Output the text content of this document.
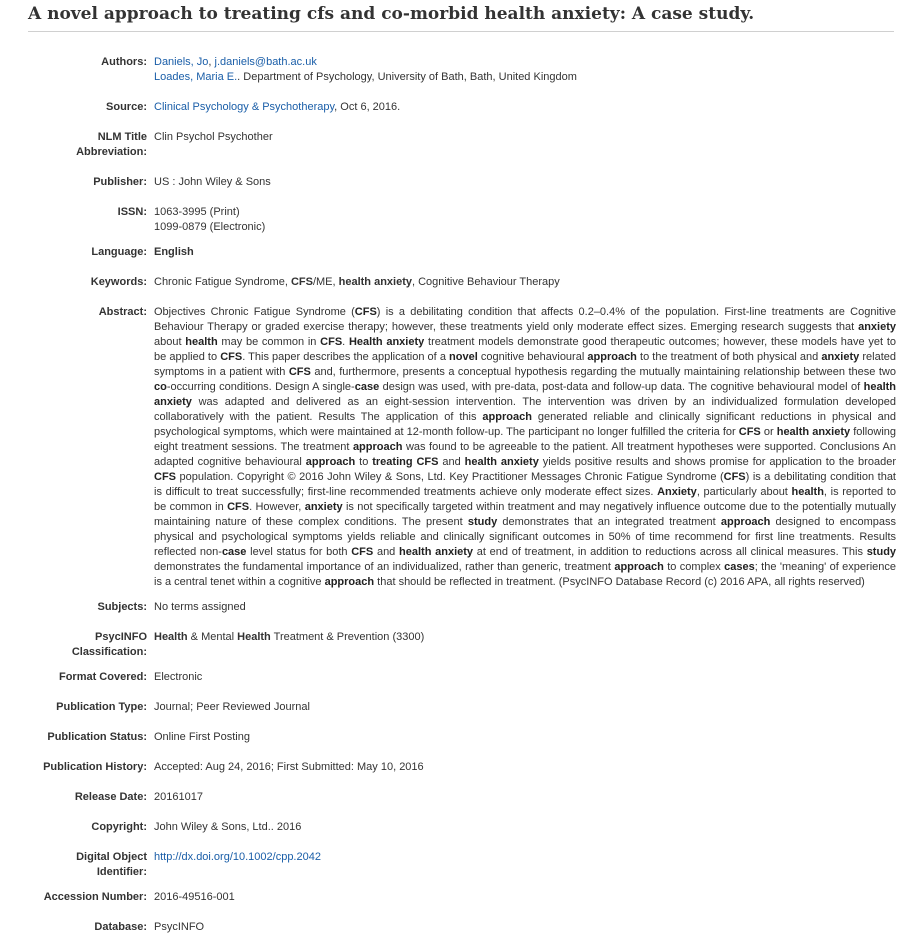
A novel approach to treating cfs and co-morbid health anxiety: A case study.
Authors:	Daniels, Jo, j.daniels@bath.ac.uk
Loades, Maria E.. Department of Psychology, University of Bath, Bath, United Kingdom
Source:	Clinical Psychology & Psychotherapy, Oct 6, 2016.
NLM Title Abbreviation:	Clin Psychol Psychother
Publisher:	US : John Wiley & Sons
ISSN:	1063-3995 (Print)
1099-0879 (Electronic)
Language:	English
Keywords:	Chronic Fatigue Syndrome, CFS/ME, health anxiety, Cognitive Behaviour Therapy
Abstract:	Objectives Chronic Fatigue Syndrome (CFS) is a debilitating condition that affects 0.2–0.4% of the population. First-line treatments are Cognitive Behaviour Therapy or graded exercise therapy; however, these treatments yield only moderate effect sizes. Emerging research suggests that anxiety about health may be common in CFS. Health anxiety treatment models demonstrate good therapeutic outcomes; however, these models have yet to be applied to CFS. This paper describes the application of a novel cognitive behavioural approach to the treatment of both physical and anxiety related symptoms in a patient with CFS and, furthermore, presents a conceptual hypothesis regarding the mutually maintaining relationship between these two co-occurring conditions. Design A single-case design was used, with pre-data, post-data and follow-up data. The cognitive behavioural model of health anxiety was adapted and delivered as an eight-session intervention. The intervention was driven by an individualized formulation developed collaboratively with the patient. Results The application of this approach generated reliable and clinically significant reductions in physical and psychological symptoms, which were maintained at 12-month follow-up. The participant no longer fulfilled the criteria for CFS or health anxiety following eight treatment sessions. The treatment approach was found to be agreeable to the patient. All treatment hypotheses were supported. Conclusions An adapted cognitive behavioural approach to treating CFS and health anxiety yields positive results and shows promise for application to the broader CFS population. Copyright © 2016 John Wiley & Sons, Ltd. Key Practitioner Messages Chronic Fatigue Syndrome (CFS) is a debilitating condition that is difficult to treat successfully; first-line recommended treatments achieve only moderate effect sizes. Anxiety, particularly about health, is reported to be common in CFS. However, anxiety is not specifically targeted within treatment and may negatively influence outcome due to the potentially mutually maintaining nature of these complex conditions. The present study demonstrates that an integrated treatment approach designed to encompass physical and psychological symptoms yields reliable and clinically significant outcomes in 50% of time recommend for first line treatments. Results reflected non-case level status for both CFS and health anxiety at end of treatment, in addition to reductions across all clinical measures. This study demonstrates the fundamental importance of an individualized, rather than generic, treatment approach to complex cases; the 'meaning' of experience is a central tenet within a cognitive approach that should be reflected in treatment. (PsycINFO Database Record (c) 2016 APA, all rights reserved)
Subjects:	No terms assigned
PsycINFO Classification:	Health & Mental Health Treatment & Prevention (3300)
Format Covered:	Electronic
Publication Type:	Journal; Peer Reviewed Journal
Publication Status:	Online First Posting
Publication History:	Accepted: Aug 24, 2016; First Submitted: May 10, 2016
Release Date:	20161017
Copyright:	John Wiley & Sons, Ltd.. 2016
Digital Object Identifier:	http://dx.doi.org/10.1002/cpp.2042
Accession Number:	2016-49516-001
Database:	PsycINFO
